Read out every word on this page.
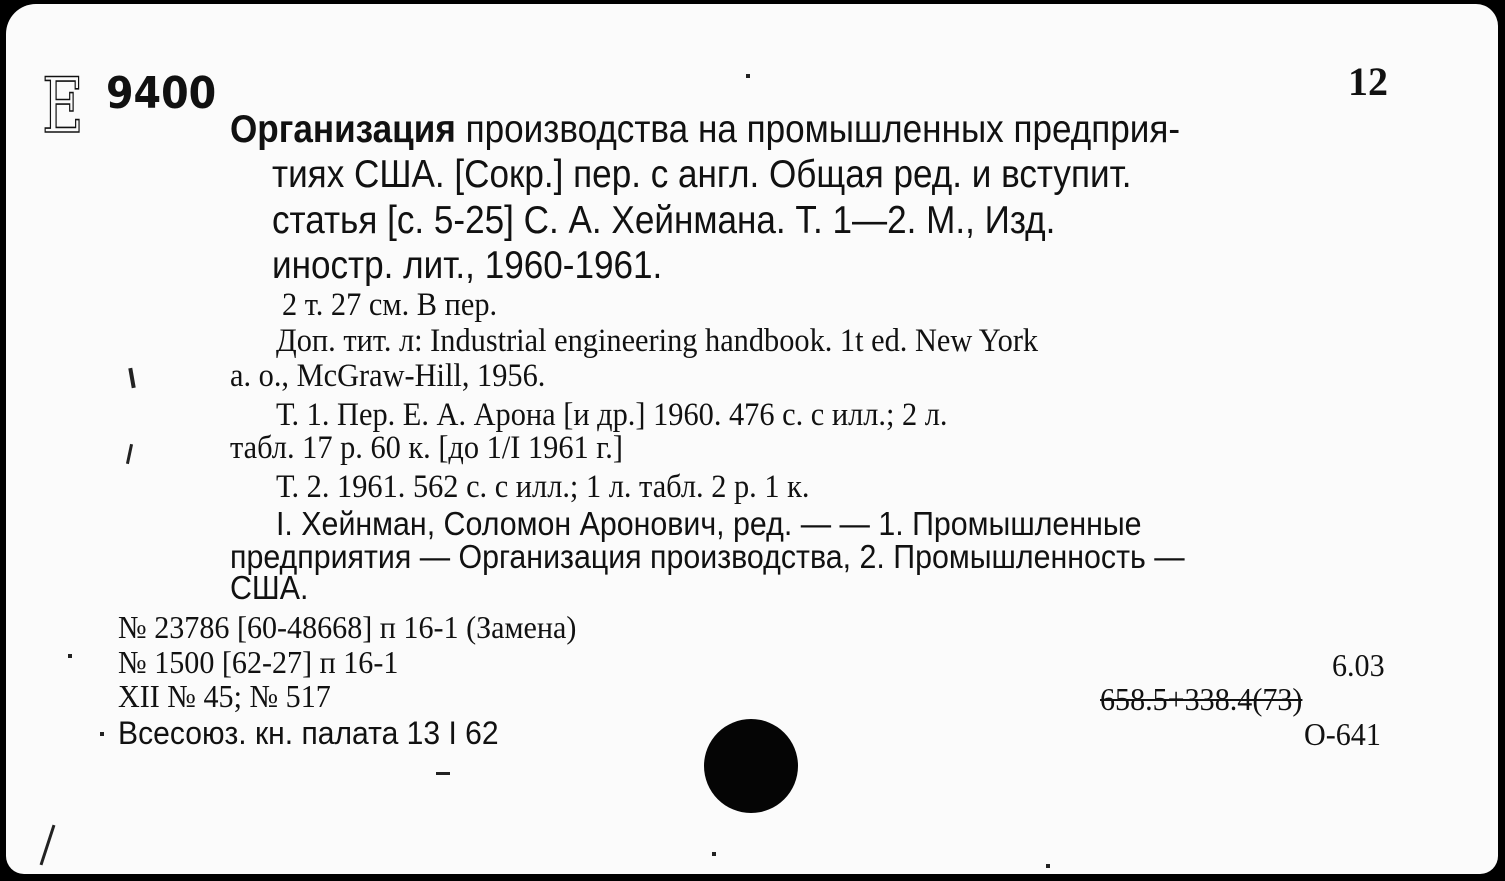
E 9400	12
Организация производства на промышленных предприя-
тиях США. [Сокр.] пер. с англ. Общая ред. и вступит.
статья [с. 5-25] С. А. Хейнмана. Т. 1—2. М., Изд.
иностр. лит., 1960-1961.
2 т. 27 см. В пер.
Доп. тит. л: Industrial engineering handbook. 1t ed. New York
а. о., McGraw-Hill, 1956.
Т. 1. Пер. Е. А. Арона [и др.] 1960. 476 с. с илл.; 2 л.
табл. 17 р. 60 к. [до 1/I 1961 г.]
Т. 2. 1961. 562 с. с илл.; 1 л. табл. 2 р. 1 к.
I. Хейнман, Соломон Аронович, ред. — — 1. Промышленные
предприятия — Организация производства, 2. Промышленность —
США.
№ 23786 [60-48668] п 16-1 (Замена)
№ 1500 [62-27] п 16-1
XII № 45; № 517
Всесоюз. кн. палата 13 I 62
6.03
658.5+338.4(73)
О-641
